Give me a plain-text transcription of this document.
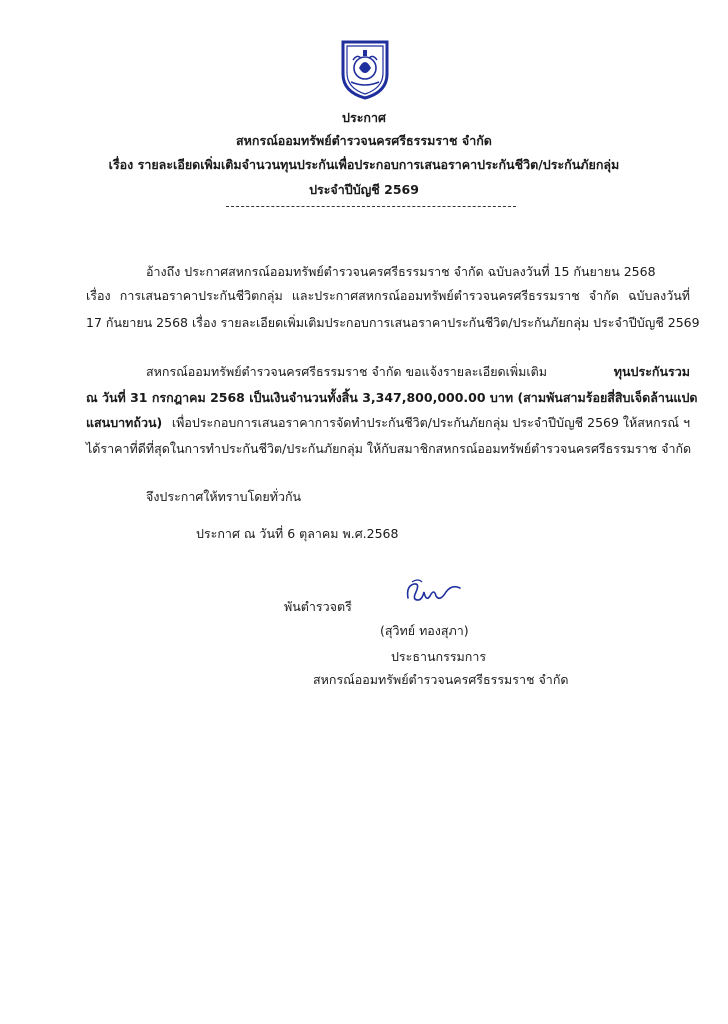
ประกาศ
สหกรณ์ออมทรัพย์ตำรวจนครศรีธรรมราช จำกัด
เรื่อง รายละเอียดเพิ่มเติมจำนวนทุนประกันเพื่อประกอบการเสนอราคาประกันชีวิต/ประกันภัยกลุ่ม
ประจำปีบัญชี 2569
อ้างถึง ประกาศสหกรณ์ออมทรัพย์ตำรวจนครศรีธรรมราช จำกัด ฉบับลงวันที่ 15 กันยายน 2568
เรื่อง การเสนอราคาประกันชีวิตกลุ่ม และประกาศสหกรณ์ออมทรัพย์ตำรวจนครศรีธรรมราช จำกัด ฉบับลงวันที่
17 กันยายน 2568 เรื่อง รายละเอียดเพิ่มเติมประกอบการเสนอราคาประกันชีวิต/ประกันภัยกลุ่ม ประจำปีบัญชี 2569
สหกรณ์ออมทรัพย์ตำรวจนครศรีธรรมราช จำกัด ขอแจ้งรายละเอียดเพิ่มเติม	ทุนประกันรวม
ณ วันที่ 31 กรกฎาคม 2568 เป็นเงินจำนวนทั้งสิ้น 3,347,800,000.00 บาท (สามพันสามร้อยสี่สิบเจ็ดล้านแปด
แสนบาทถ้วน) เพื่อประกอบการเสนอราคาการจัดทำประกันชีวิต/ประกันภัยกลุ่ม ประจำปีบัญชี 2569 ให้สหกรณ์ ฯ
ได้ราคาที่ดีที่สุดในการทำประกันชีวิต/ประกันภัยกลุ่ม ให้กับสมาชิกสหกรณ์ออมทรัพย์ตำรวจนครศรีธรรมราช จำกัด
จึงประกาศให้ทราบโดยทั่วกัน
ประกาศ ณ วันที่ 6 ตุลาคม พ.ศ.2568
พันตำรวจตรี
(สุวิทย์ ทองสุภา)
ประธานกรรมการ
สหกรณ์ออมทรัพย์ตำรวจนครศรีธรรมราช จำกัด
